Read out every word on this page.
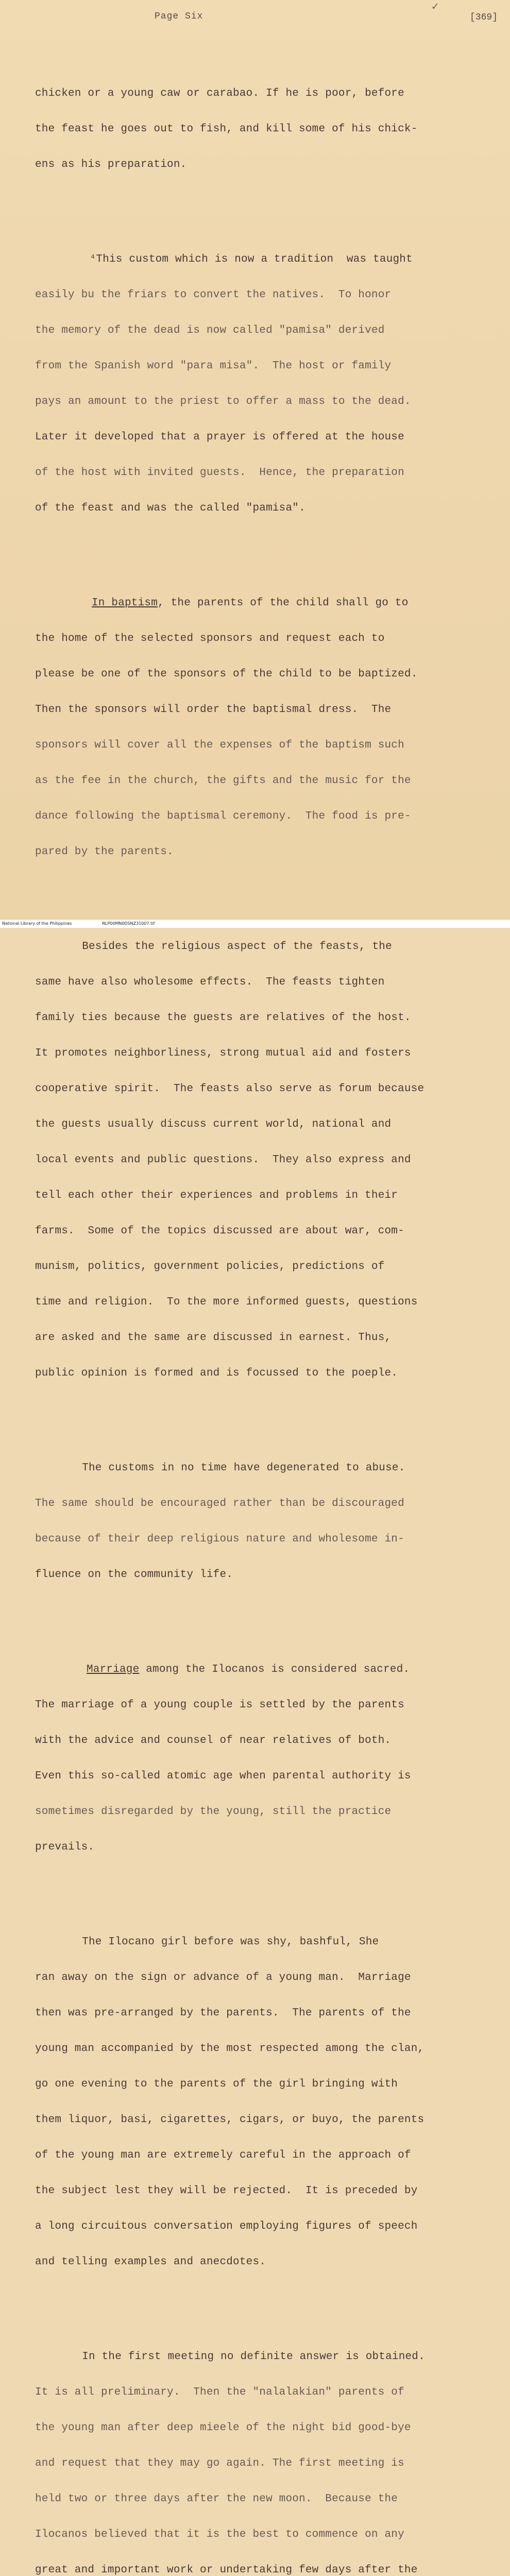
Page Six
✓
[369]

chicken or a young caw or carabao. If he is poor, before

the feast he goes out to fish, and kill some of his chick-

ens as his preparation.

⁴This custom which is now a tradition  was taught

easily bu the friars to convert the natives.  To honor

the memory of the dead is now called "pamisa" derived

from the Spanish word "para misa".  The host or family

pays an amount to the priest to offer a mass to the dead.

Later it developed that a prayer is offered at the house

of the host with invited guests.  Hence, the preparation

of the feast and was the called "pamisa".

In baptism, the parents of the child shall go to

the home of the selected sponsors and request each to

please be one of the sponsors of the child to be baptized.

Then the sponsors will order the baptismal dress.  The

sponsors will cover all the expenses of the baptism such

as the fee in the church, the gifts and the music for the

dance following the baptismal ceremony.  The food is pre-

pared by the parents.

Besides the religious aspect of the feasts, the

same have also wholesome effects.  The feasts tighten

family ties because the guests are relatives of the host.

It promotes neighborliness, strong mutual aid and fosters

cooperative spirit.  The feasts also serve as forum because

the guests usually discuss current world, national and

local events and public questions.  They also express and

tell each other their experiences and problems in their

farms.  Some of the topics discussed are about war, com-

munism, politics, government policies, predictions of

time and religion.  To the more informed guests, questions

are asked and the same are discussed in earnest. Thus,

public opinion is formed and is focussed to the poeple.

The customs in no time have degenerated to abuse.

The same should be encouraged rather than be discouraged

because of their deep religious nature and wholesome in-

fluence on the community life.

Marriage among the Ilocanos is considered sacred.

The marriage of a young couple is settled by the parents

with the advice and counsel of near relatives of both.

Even this so-called atomic age when parental authority is

sometimes disregarded by the young, still the practice

prevails.

The Ilocano girl before was shy, bashful, She

ran away on the sign or advance of a young man.  Marriage

then was pre-arranged by the parents.  The parents of the

young man accompanied by the most respected among the clan,

go one evening to the parents of the girl bringing with

them liquor, basi, cigarettes, cigars, or buyo, the parents

of the young man are extremely careful in the approach of

the subject lest they will be rejected.  It is preceded by

a long circuitous conversation employing figures of speech

and telling examples and anecdotes.

In the first meeting no definite answer is obtained.

It is all preliminary.  Then the "nalalakian" parents of

the young man after deep mieele of the night bid good-bye

and request that they may go again. The first meeting is

held two or three days after the new moon.  Because the

Ilocanos believed that it is the best to commence on any

great and important work or undertaking few days after the

National Library of the Philippines	NLP00MN0DSNZ31007.tif
